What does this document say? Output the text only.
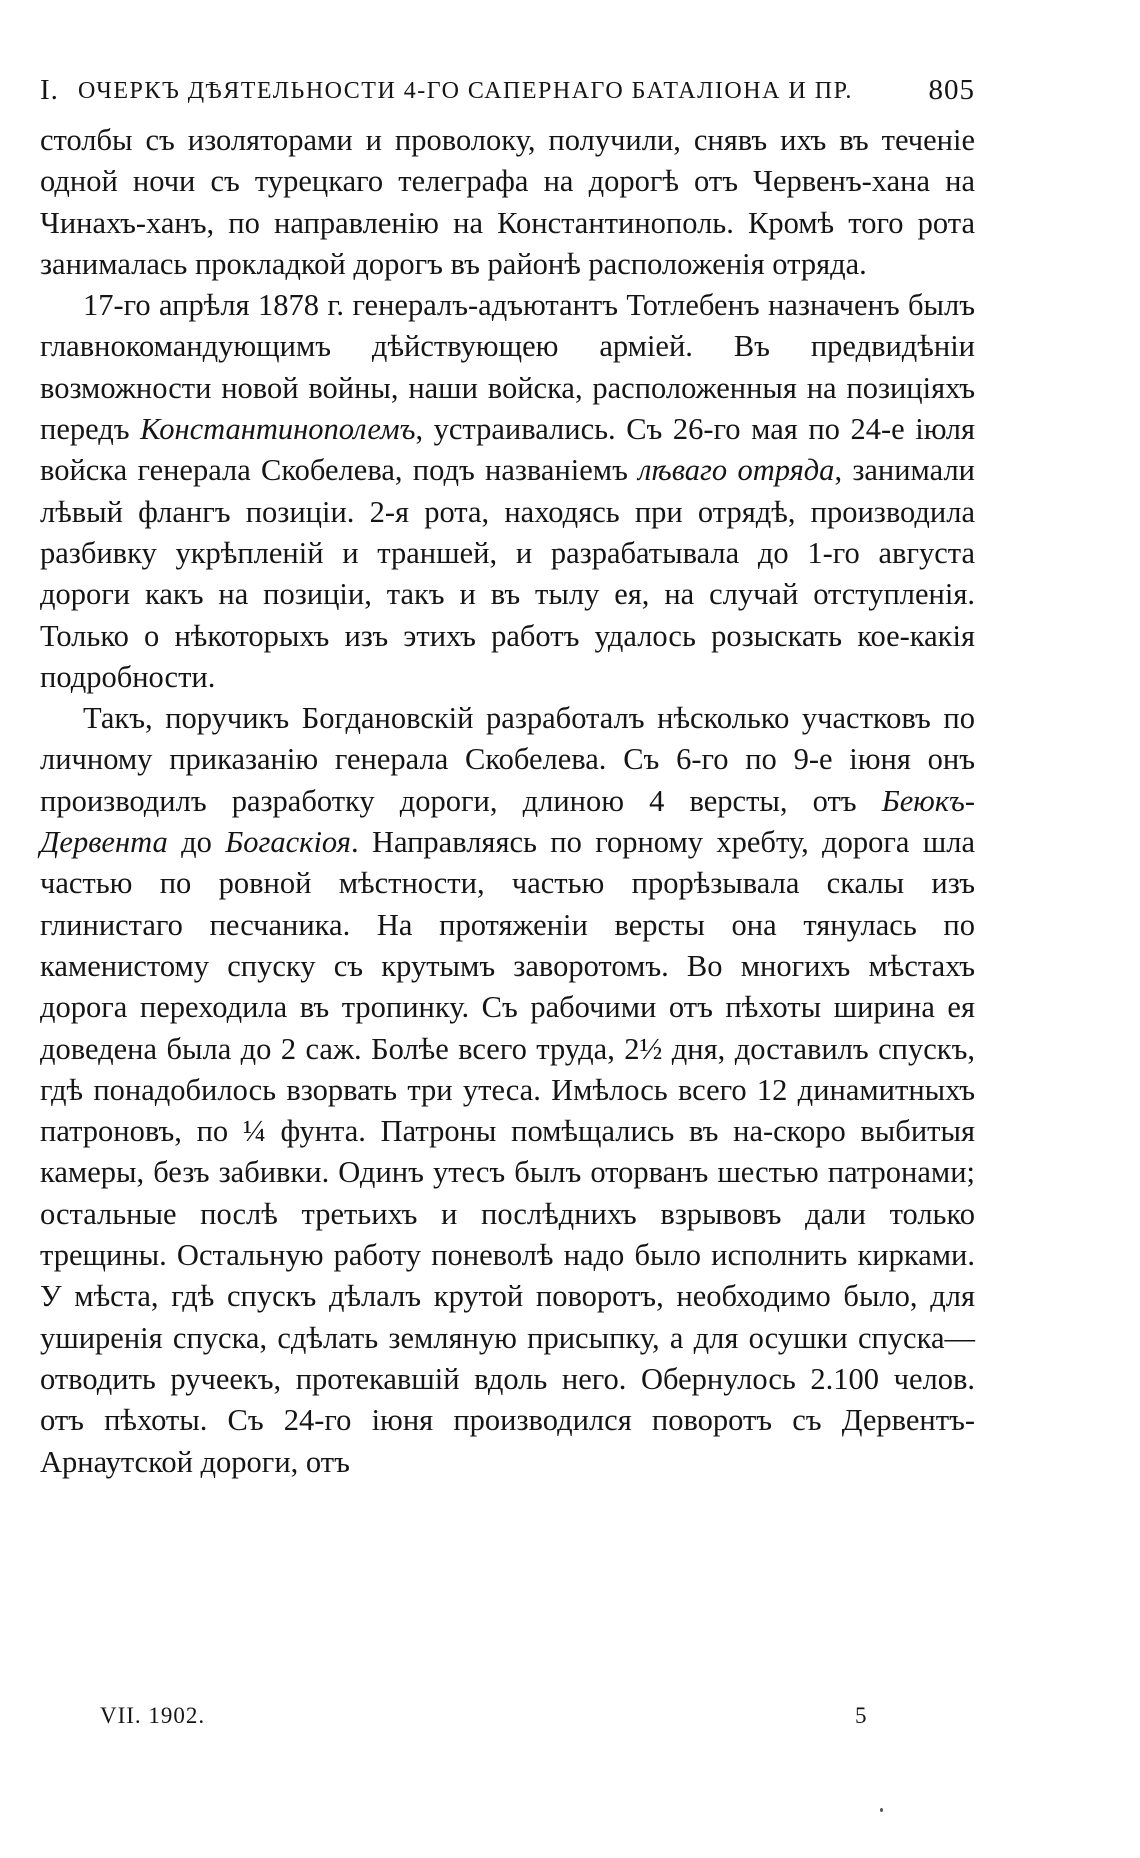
I. ОЧЕРКЪ ДѢЯТЕЛЬНОСТИ 4-ГО САПЕРНАГО БАТАЛІОНА И ПР.	805

столбы съ изоляторами и проволоку, получили, снявъ ихъ въ теченіе одной ночи съ турецкаго телеграфа на дорогѣ отъ Червенъ-хана на Чинахъ-ханъ, по направленію на Константинополь. Кромѣ того рота занималась прокладкой дорогъ въ районѣ расположенія отряда.

17-го апрѣля 1878 г. генералъ-адъютантъ Тотлебенъ назначенъ былъ главнокомандующимъ дѣйствующею арміей. Въ предвидѣніи возможности новой войны, наши войска, расположенныя на позиціяхъ передъ Константинополемъ, устраивались. Съ 26-го мая по 24-е іюля войска генерала Скобелева, подъ названіемъ лѣваго отряда, занимали лѣвый флангъ позиціи. 2-я рота, находясь при отрядѣ, производила разбивку укрѣпленій и траншей, и разрабатывала до 1-го августа дороги какъ на позиціи, такъ и въ тылу ея, на случай отступленія. Только о нѣкоторыхъ изъ этихъ работъ удалось розыскать кое-какія подробности.

Такъ, поручикъ Богдановскій разработалъ нѣсколько участковъ по личному приказанію генерала Скобелева. Съ 6-го по 9-е іюня онъ производилъ разработку дороги, длиною 4 версты, отъ Беюкъ-Дервента до Богаскіоя. Направляясь по горному хребту, дорога шла частью по ровной мѣстности, частью прорѣзывала скалы изъ глинистаго песчаника. На протяженіи версты она тянулась по каменистому спуску съ крутымъ заворотомъ. Во многихъ мѣстахъ дорога переходила въ тропинку. Съ рабочими отъ пѣхоты ширина ея доведена была до 2 саж. Болѣе всего труда, 2½ дня, доставилъ спускъ, гдѣ понадобилось взорвать три утеса. Имѣлось всего 12 динамитныхъ патроновъ, по ¼ фунта. Патроны помѣщались въ на-скоро выбитыя камеры, безъ забивки. Одинъ утесъ былъ оторванъ шестью патронами; остальные послѣ третьихъ и послѣднихъ взрывовъ дали только трещины. Остальную работу поневолѣ надо было исполнить кирками. У мѣста, гдѣ спускъ дѣлалъ крутой поворотъ, необходимо было, для уширенія спуска, сдѣлать земляную присыпку, а для осушки спуска—отводить ручеекъ, протекавшій вдоль него. Обернулось 2.100 челов. отъ пѣхоты. Съ 24-го іюня производился поворотъ съ Дервентъ-Арнаутской дороги, отъ

VII. 1902.	5
